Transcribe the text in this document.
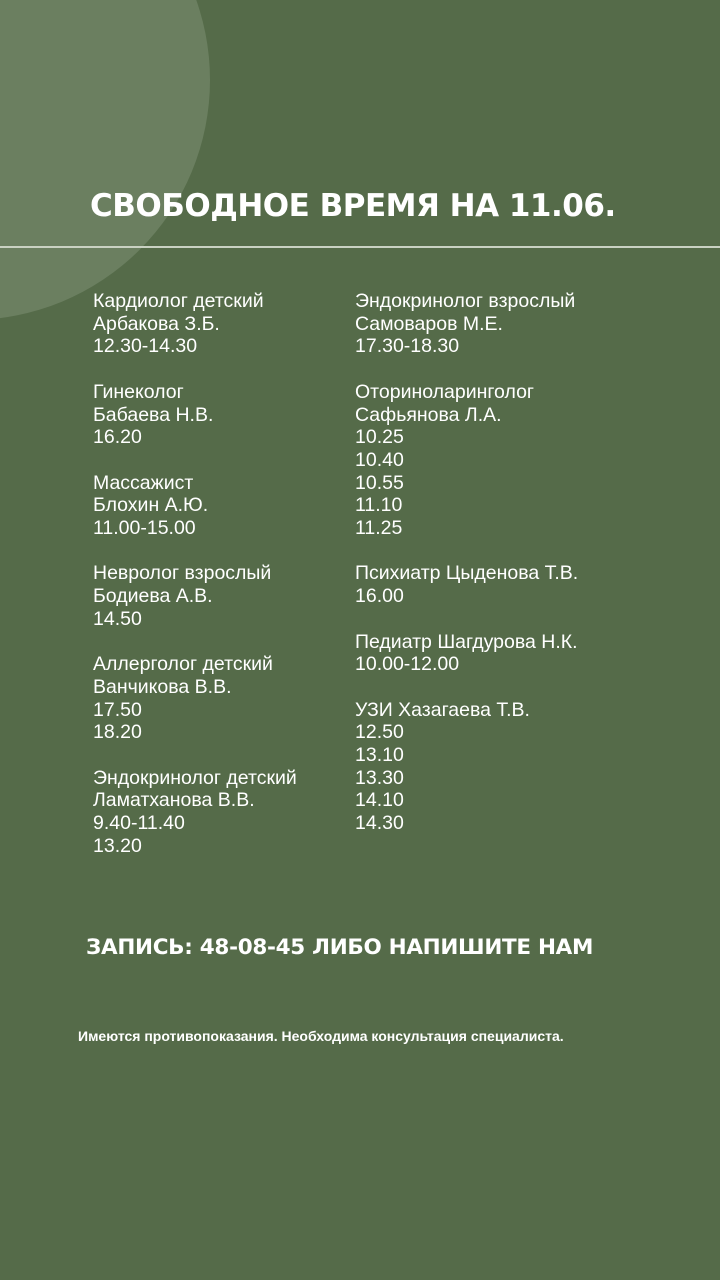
СВОБОДНОЕ ВРЕМЯ НА 11.06.
Кардиолог детский
Арбакова З.Б.
12.30-14.30
Гинеколог
Бабаева Н.В.
16.20
Массажист
Блохин А.Ю.
11.00-15.00
Невролог взрослый
Бодиева А.В.
14.50
Аллерголог детский
Ванчикова В.В.
17.50
18.20
Эндокринолог детский
Ламатханова В.В.
9.40-11.40
13.20
Эндокринолог взрослый
Самоваров М.Е.
17.30-18.30
Оториноларинголог
Сафьянова Л.А.
10.25
10.40
10.55
11.10
11.25
Психиатр Цыденова Т.В.
16.00
Педиатр Шагдурова Н.К.
10.00-12.00
УЗИ Хазагаева Т.В.
12.50
13.10
13.30
14.10
14.30
ЗАПИСЬ: 48-08-45 ЛИБО НАПИШИТЕ НАМ
Имеются противопоказания. Необходима консультация специалиста.
